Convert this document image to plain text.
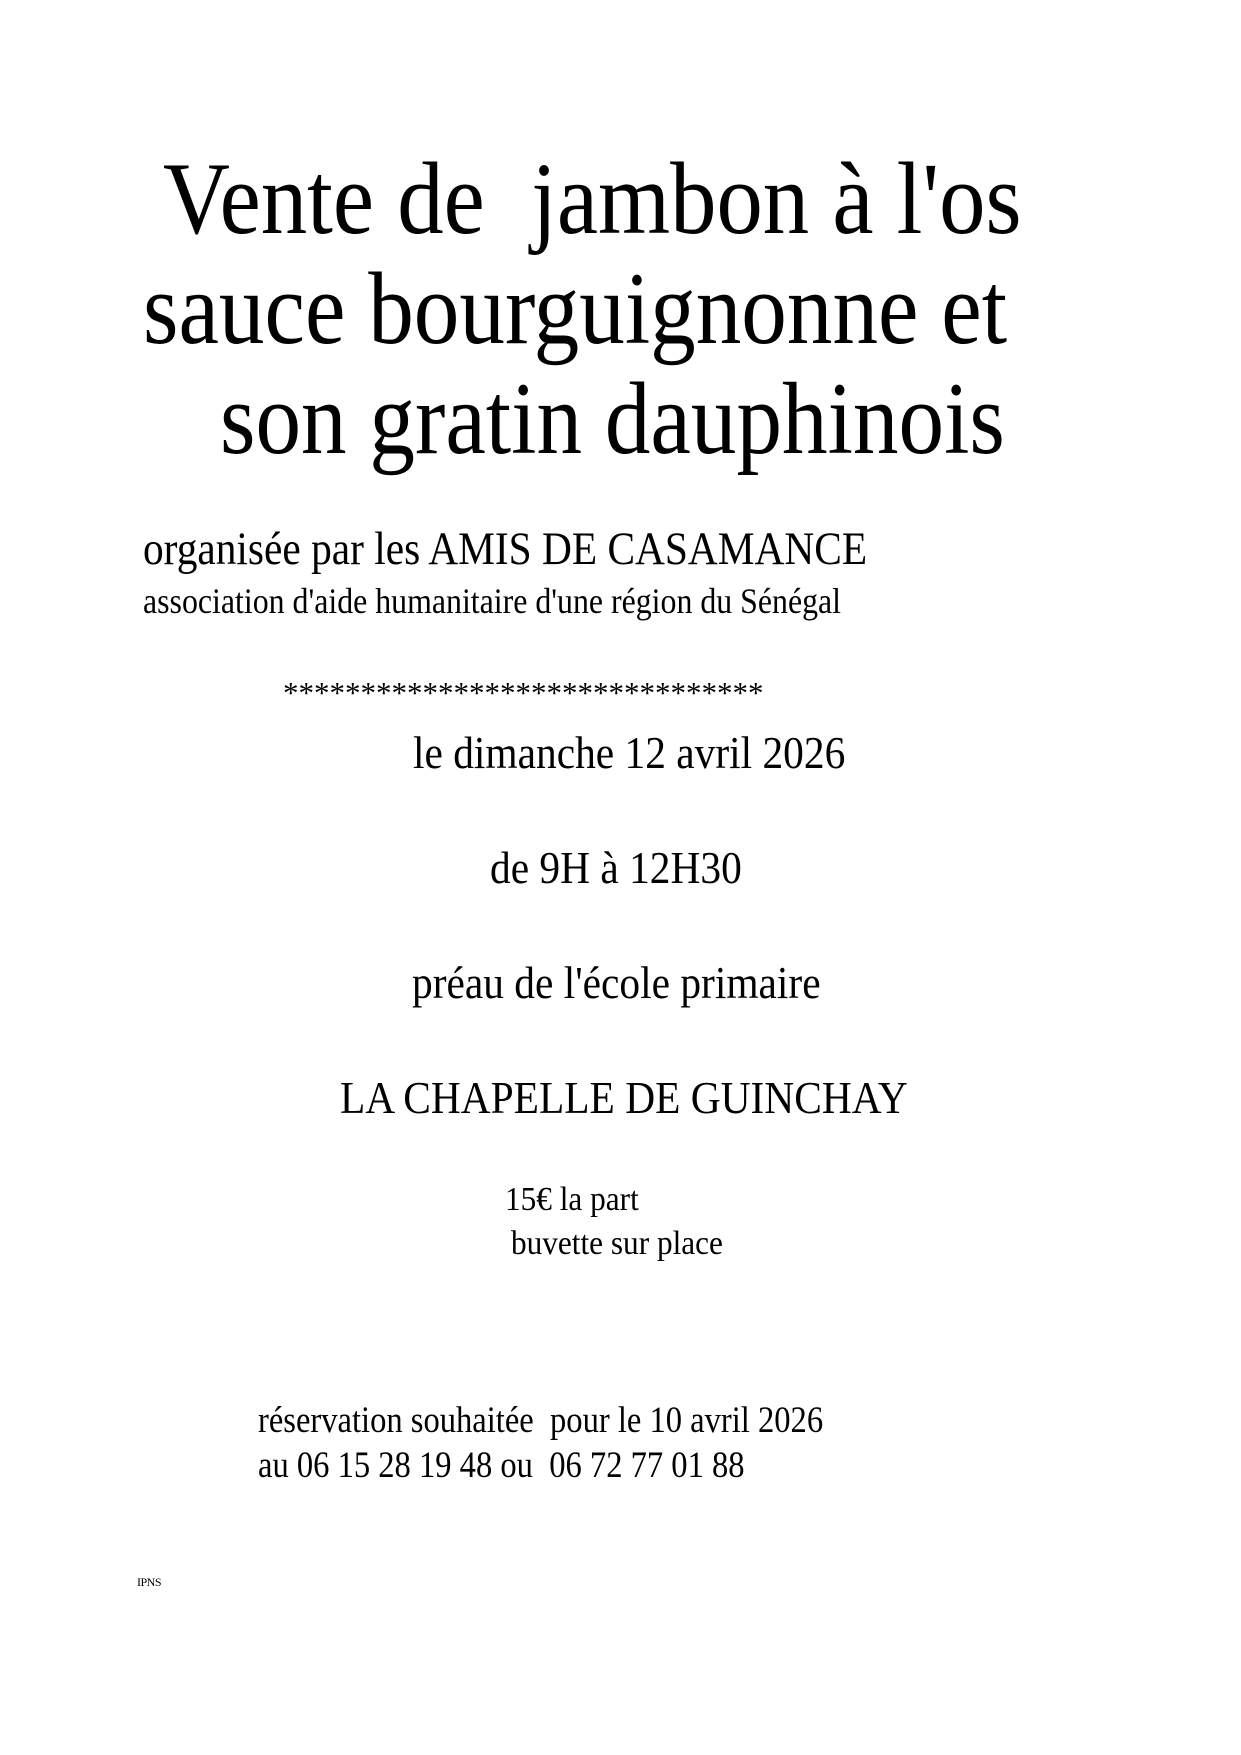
Vente de  jambon à l'os
sauce bourguignonne et
son gratin dauphinois
organisée par les AMIS DE CASAMANCE
association d'aide humanitaire d'une région du Sénégal
*******************************
le dimanche 12 avril 2026
de 9H à 12H30
préau de l'école primaire
LA CHAPELLE DE GUINCHAY
15€ la part
buvette sur place
réservation souhaitée  pour le 10 avril 2026
au 06 15 28 19 48 ou  06 72 77 01 88
IPNS
